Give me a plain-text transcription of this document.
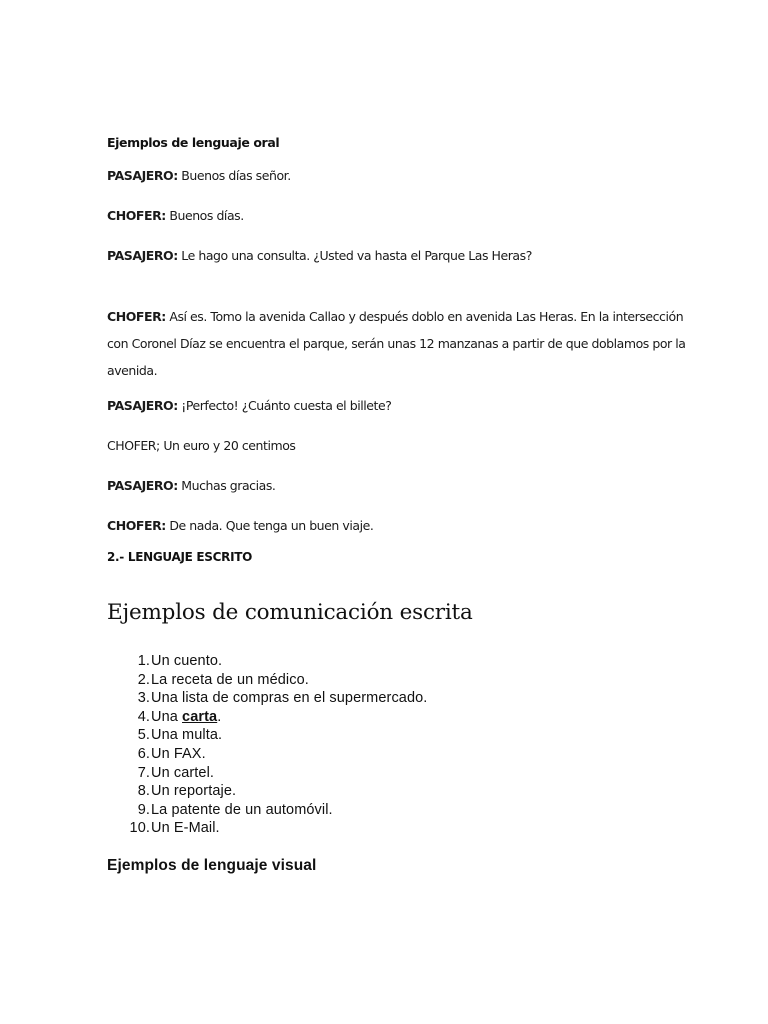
Ejemplos de lenguaje oral

PASAJERO: Buenos días señor.

CHOFER: Buenos días.

PASAJERO: Le hago una consulta. ¿Usted va hasta el Parque Las Heras?

CHOFER: Así es. Tomo la avenida Callao y después doblo en avenida Las Heras. En la intersección con Coronel Díaz se encuentra el parque, serán unas 12 manzanas a partir de que doblamos por la avenida.

PASAJERO: ¡Perfecto! ¿Cuánto cuesta el billete?

CHOFER; Un euro y 20 centimos

PASAJERO: Muchas gracias.

CHOFER: De nada. Que tenga un buen viaje.

2.- LENGUAJE ESCRITO

Ejemplos de comunicación escrita
1.Un cuento.
2.La receta de un médico.
3.Una lista de compras en el supermercado.
4.Una carta.
5.Una multa.
6.Un FAX.
7.Un cartel.
8.Un reportaje.
9.La patente de un automóvil.
10.Un E-Mail.
Ejemplos de lenguaje visual
